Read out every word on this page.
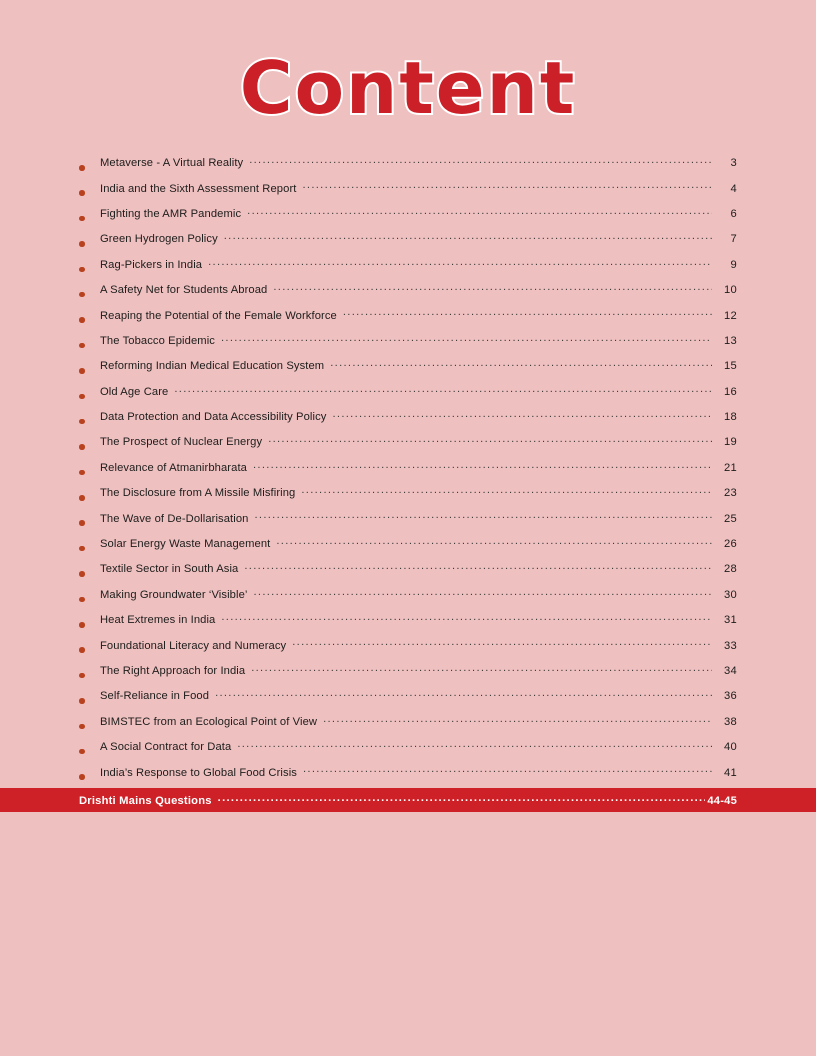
Content
Metaverse - A Virtual Reality . . .	3
India and the Sixth Assessment Report . . .	4
Fighting the AMR Pandemic . . .	6
Green Hydrogen Policy . . .	7
Rag-Pickers in India . . .	9
A Safety Net for Students Abroad . . .	10
Reaping the Potential of the Female Workforce . . .	12
The Tobacco Epidemic . . .	13
Reforming Indian Medical Education System . . .	15
Old Age Care . . .	16
Data Protection and Data Accessibility Policy . . .	18
The Prospect of Nuclear Energy . . .	19
Relevance of Atmanirbharata . . .	21
The Disclosure from A Missile Misfiring . . .	23
The Wave of De-Dollarisation . . .	25
Solar Energy Waste Management . . .	26
Textile Sector in South Asia . . .	28
Making Groundwater ‘Visible’ . . .	30
Heat Extremes in India . . .	31
Foundational Literacy and Numeracy . . .	33
The Right Approach for India . . .	34
Self-Reliance in Food . . .	36
BIMSTEC from an Ecological Point of View . . .	38
A Social Contract for Data . . .	40
India’s Response to Global Food Crisis . . .	41
Drishti Mains Questions . . .	44-45
